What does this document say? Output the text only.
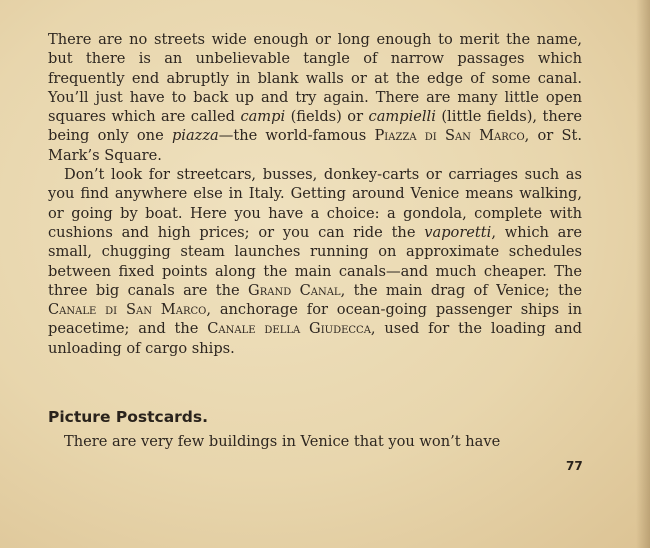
There are no streets wide enough or long enough to merit the name, but there is an unbelievable tangle of narrow passages which frequently end abruptly in blank walls or at the edge of some canal. You’ll just have to back up and try again. There are many little open squares which are called campi (fields) or campielli (little fields), there being only one piazza—the world-famous Piazza di San Marco, or St. Mark’s Square.

Don’t look for streetcars, busses, donkey-carts or carriages such as you find anywhere else in Italy. Getting around Venice means walking, or going by boat. Here you have a choice: a gondola, complete with cushions and high prices; or you can ride the vaporetti, which are small, chugging steam launches running on approximate schedules between fixed points along the main canals—and much cheaper. The three big canals are the Grand Canal, the main drag of Venice; the Canale di San Marco, anchorage for ocean-going passenger ships in peacetime; and the Canale della Giudecca, used for the loading and unloading of cargo ships.

Picture Postcards.

There are very few buildings in Venice that you won’t have

77
